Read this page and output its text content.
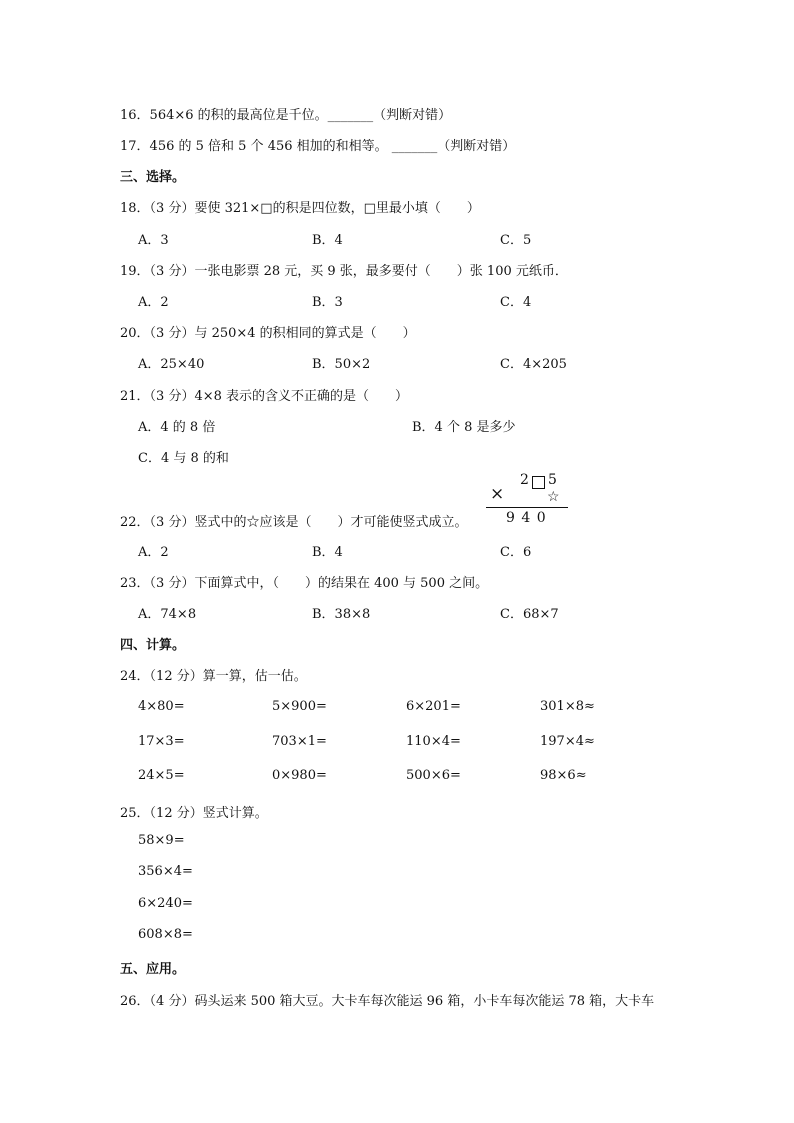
16．564×6 的积的最高位是千位。_______（判断对错）
17．456 的 5 倍和 5 个 456 相加的和相等。 _______（判断对错）
三、选择。
18．（3 分）要使 321×□的积是四位数，□里最小填（　　）
A．3	B．4	C．5
19．（3 分）一张电影票 28 元，买 9 张，最多要付（　　）张 100 元纸币．
A．2	B．3	C．4
20．（3 分）与 250×4 的积相同的算式是（　　）
A．25×40	B．50×2	C．4×205
21．（3 分）4×8 表示的含义不正确的是（　　）
A．4 的 8 倍	B．4 个 8 是多少
C．4 与 8 的和
×
2 5
☆
9 4 0
22．（3 分）竖式中的☆应该是（　　）才可能使竖式成立。
A．2	B．4	C．6
23．（3 分）下面算式中，（　　）的结果在 400 与 500 之间。
A．74×8	B．38×8	C．68×7
四、计算。
24．（12 分）算一算，估一估。
4×80=	5×900=	6×201=	301×8≈
17×3=	703×1=	110×4=	197×4≈
24×5=	0×980=	500×6=	98×6≈
25．（12 分）竖式计算。
58×9=
356×4=
6×240=
608×8=
五、应用。
26．（4 分）码头运来 500 箱大豆。大卡车每次能运 96 箱，小卡车每次能运 78 箱，大卡车
